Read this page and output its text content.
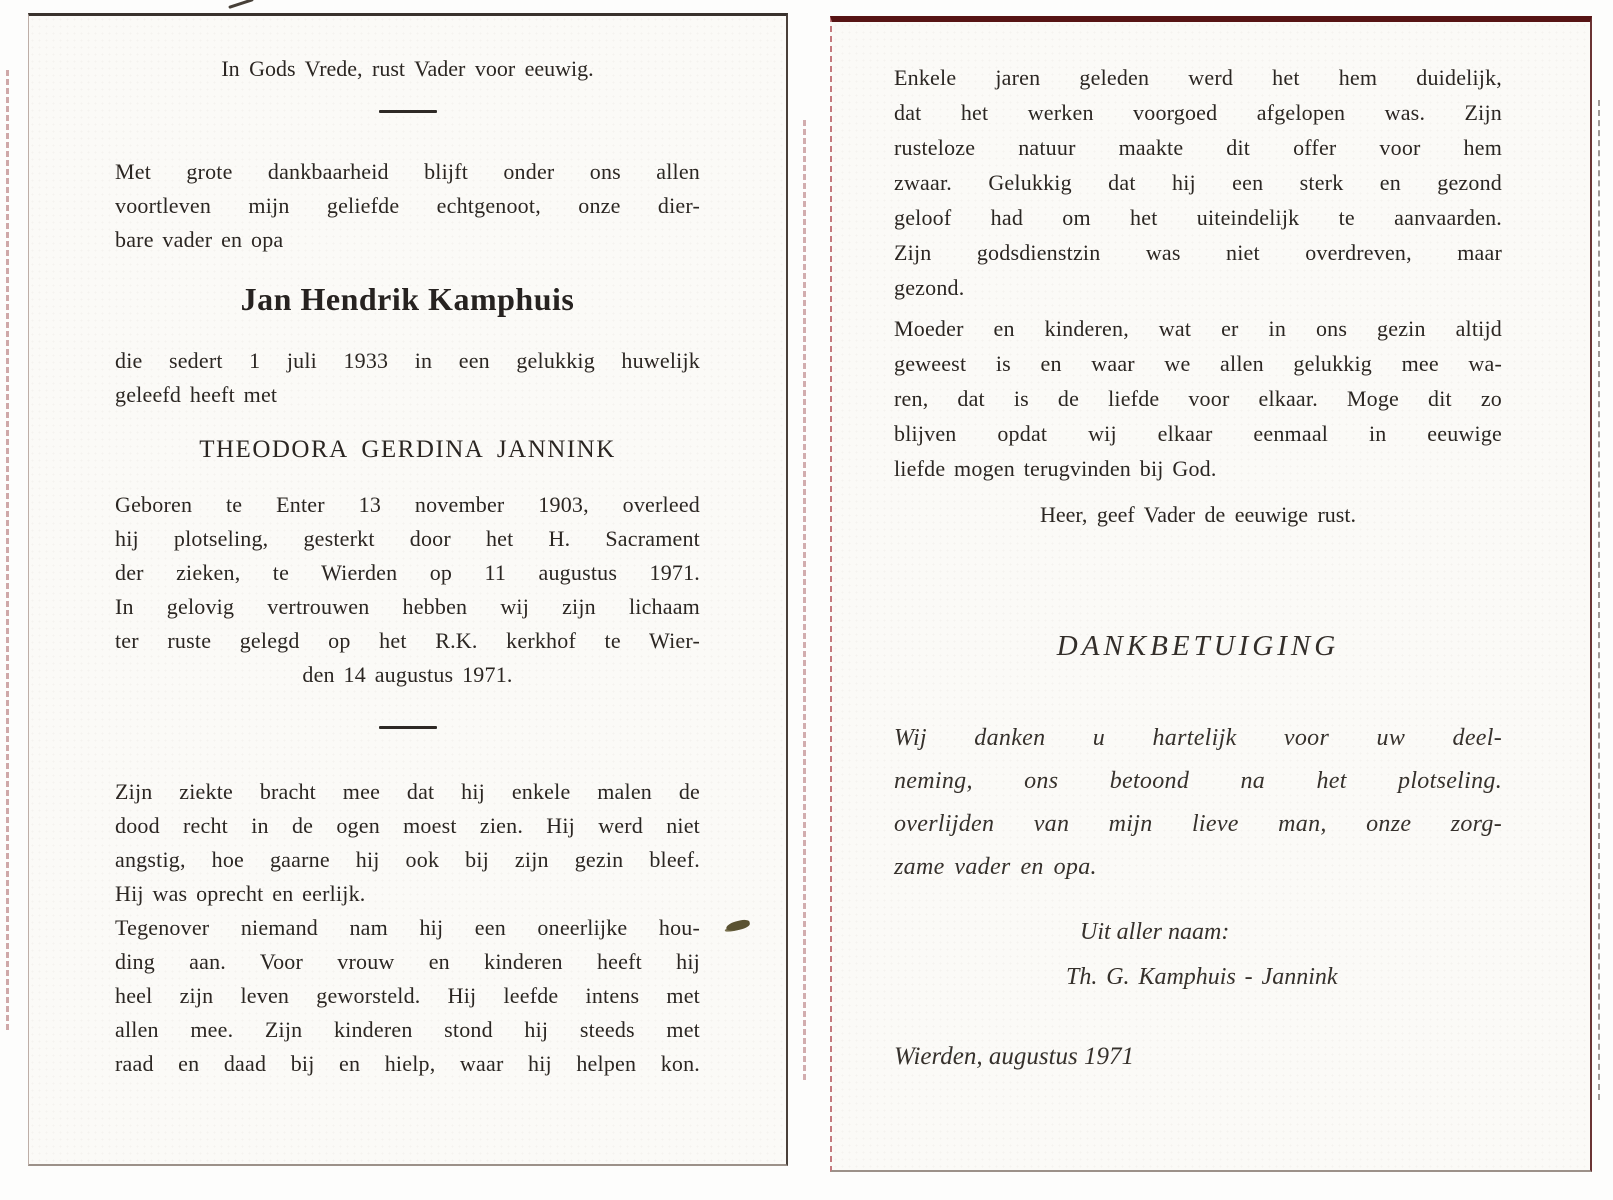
In Gods Vrede, rust Vader voor eeuwig.
Met grote dankbaarheid blijft onder ons allen
voortleven mijn geliefde echtgenoot, onze dier-
bare vader en opa
Jan Hendrik Kamphuis
die sedert 1 juli 1933 in een gelukkig huwelijk
geleefd heeft met
THEODORA GERDINA JANNINK
Geboren te Enter 13 november 1903, overleed
hij plotseling, gesterkt door het H. Sacrament
der zieken, te Wierden op 11 augustus 1971.
In gelovig vertrouwen hebben wij zijn lichaam
ter ruste gelegd op het R.K. kerkhof te Wier-
den 14 augustus 1971.
Zijn ziekte bracht mee dat hij enkele malen de
dood recht in de ogen moest zien. Hij werd niet
angstig, hoe gaarne hij ook bij zijn gezin bleef.
Hij was oprecht en eerlijk.
Tegenover niemand nam hij een oneerlijke hou-
ding aan. Voor vrouw en kinderen heeft hij
heel zijn leven geworsteld. Hij leefde intens met
allen mee. Zijn kinderen stond hij steeds met
raad en daad bij en hielp, waar hij helpen kon.
Enkele jaren geleden werd het hem duidelijk,
dat het werken voorgoed afgelopen was. Zijn
rusteloze natuur maakte dit offer voor hem
zwaar. Gelukkig dat hij een sterk en gezond
geloof had om het uiteindelijk te aanvaarden.
Zijn godsdienstzin was niet overdreven, maar
gezond.
Moeder en kinderen, wat er in ons gezin altijd
geweest is en waar we allen gelukkig mee wa-
ren, dat is de liefde voor elkaar. Moge dit zo
blijven opdat wij elkaar eenmaal in eeuwige
liefde mogen terugvinden bij God.
Heer, geef Vader de eeuwige rust.
DANKBETUIGING
Wij danken u hartelijk voor uw deel-
neming, ons betoond na het plotseling.
overlijden van mijn lieve man, onze zorg-
zame vader en opa.
Uit aller naam:
Th. G. Kamphuis - Jannink
Wierden, augustus 1971
